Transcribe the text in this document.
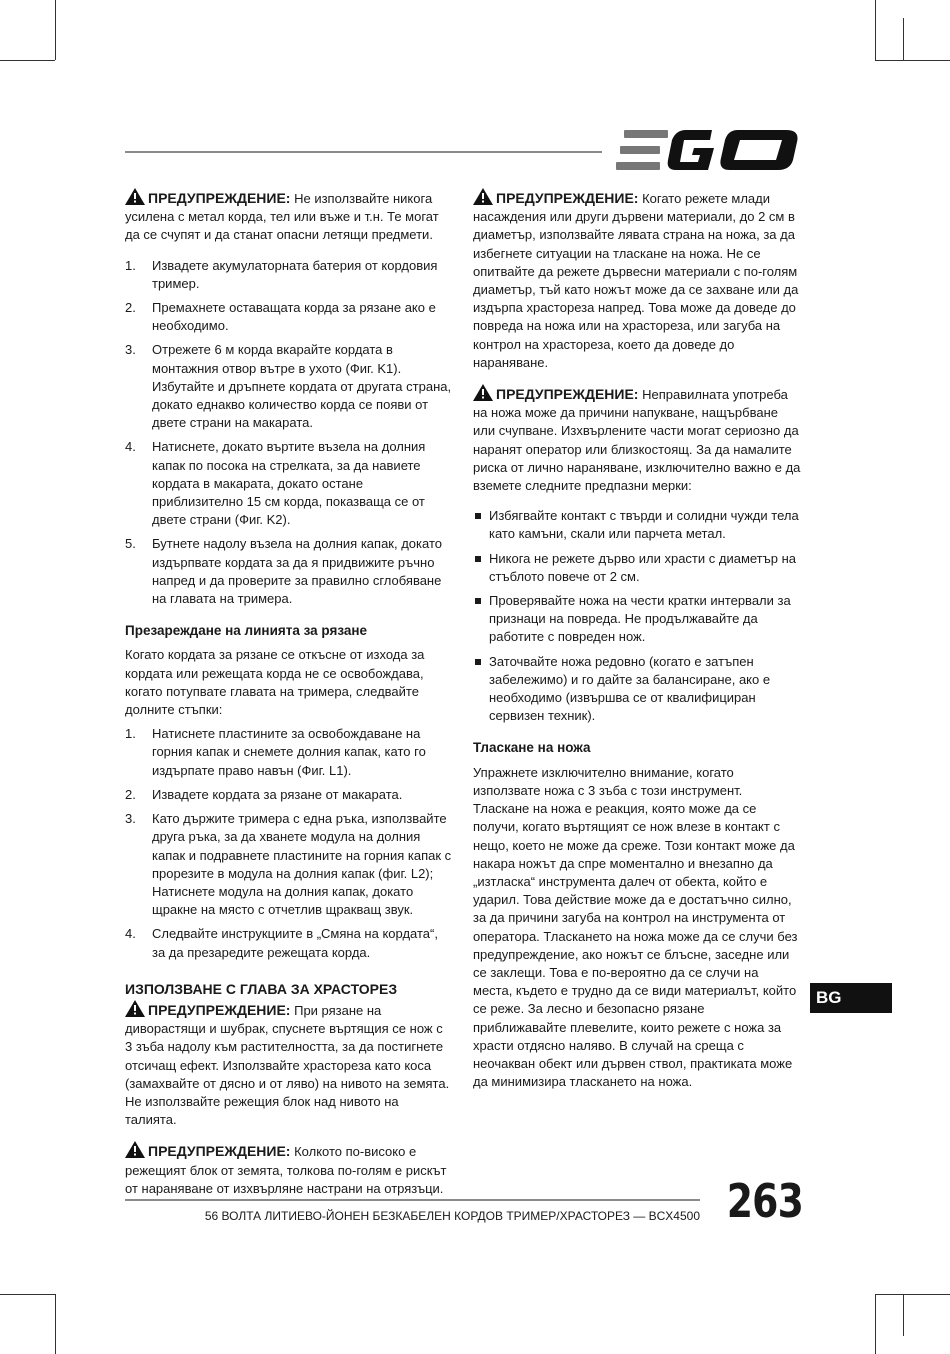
ПРЕДУПРЕЖДЕНИЕ: Не използвайте никога усилена с метал корда, тел или въже и т.н. Те могат да се счупят и да станат опасни летящи предмети.

1. Извадете акумулаторната батерия от кордовия тример.
2. Премахнете оставащата корда за рязане ако е необходимо.
3. Отрежете 6 м корда вкарайте кордата в монтажния отвор вътре в ухото (Фиг. K1). Избутайте и дръпнете кордата от другата страна, докато еднакво количество корда се появи от двете страни на макарата.
4. Натиснете, докато въртите възела на долния капак по посока на стрелката, за да навиете кордата в макарата, докато остане приблизително 15 см корда, показваща се от двете страни (Фиг. K2).
5. Бутнете надолу възела на долния капак, докато издърпвате кордата за да я придвижите ръчно напред и да проверите за правилно сглобяване на главата на тримера.
Презареждане на линията за рязане

Когато кордата за рязане се откъсне от изхода за кордата или режещата корда не се освобождава, когато потупвате главата на тримера, следвайте долните стъпки:

1. Натиснете пластините за освобождаване на горния капак и снемете долния капак, като го издърпате право навън (Фиг. L1).
2. Извадете кордата за рязане от макарата.
3. Като държите тримера с една ръка, използвайте друга ръка, за да хванете модула на долния капак и подравнете пластините на горния капак с прорезите в модула на долния капак (фиг. L2); Натиснете модула на долния капак, докато щракне на място с отчетлив щракващ звук.
4. Следвайте инструкциите в „Смяна на кордата“, за да презаредите режещата корда.
ИЗПОЛЗВАНЕ С ГЛАВА ЗА ХРАСТОРЕЗ

ПРЕДУПРЕЖДЕНИЕ: При рязане на диворастящи и шубрак, спуснете въртящия се нож с 3 зъба надолу към растителността, за да постигнете отсичащ ефект. Използвайте храстореза като коса (замахвайте от дясно и от ляво) на нивото на земята. Не използвайте режещия блок над нивото на талията.

ПРЕДУПРЕЖДЕНИЕ: Колкото по-високо е режещият блок от земята, толкова по-голям е рискът от нараняване от изхвърляне настрани на отрязъци.

ПРЕДУПРЕЖДЕНИЕ: Когато режете млади насаждения или други дървени материали, до 2 см в диаметър, използвайте лявата страна на ножа, за да избегнете ситуации на тласкане на ножа. Не се опитвайте да режете дървесни материали с по-голям диаметър, тъй като ножът може да се захване или да издърпа храстореза напред. Това може да доведе до повреда на ножа или на храстореза, или загуба на контрол на храстореза, което да доведе до нараняване.

ПРЕДУПРЕЖДЕНИЕ: Неправилната употреба на ножа може да причини напукване, нащърбване или счупване. Изхвърлените части могат сериозно да наранят оператор или близкостоящ. За да намалите риска от лично нараняване, изключително важно е да вземете следните предпазни мерки:

Избягвайте контакт с твърди и солидни чужди тела като камъни, скали или парчета метал.
Никога не режете дърво или храсти с диаметър на стъблото повече от 2 см.
Проверявайте ножа на чести кратки интервали за признаци на повреда. Не продължавайте да работите с повреден нож.
Заточвайте ножа редовно (когато е затъпен забележимо) и го дайте за балансиране, ако е необходимо (извършва се от квалифициран сервизен техник).
Тласкане на ножа

Упражнете изключително внимание, когато използвате ножа с 3 зъба с този инструмент. Тласкане на ножа е реакция, която може да се получи, когато въртящият се нож влезе в контакт с нещо, което не може да среже. Този контакт може да накара ножът да спре моментално и внезапно да „изтласка“ инструмента далеч от обекта, който е ударил. Това действие може да е достатъчно силно, за да причини загуба на контрол на инструмента от оператора. Тласкането на ножа може да се случи без предупреждение, ако ножът се блъсне, заседне или се заклещи. Това е по-вероятно да се случи на места, където е трудно да се види материалът, който се реже. За лесно и безопасно рязане приближавайте плевелите, които режете с ножа за храсти отдясно наляво. В случай на среща с неочакван обект или дървен ствол, практиката може да минимизира тласкането на ножа.

BG
56 ВОЛТА ЛИТИЕВО-ЙОНЕН БЕЗКАБЕЛЕН КОРДОВ ТРИМЕР/ХРАСТОРЕЗ — BCX4500 263
